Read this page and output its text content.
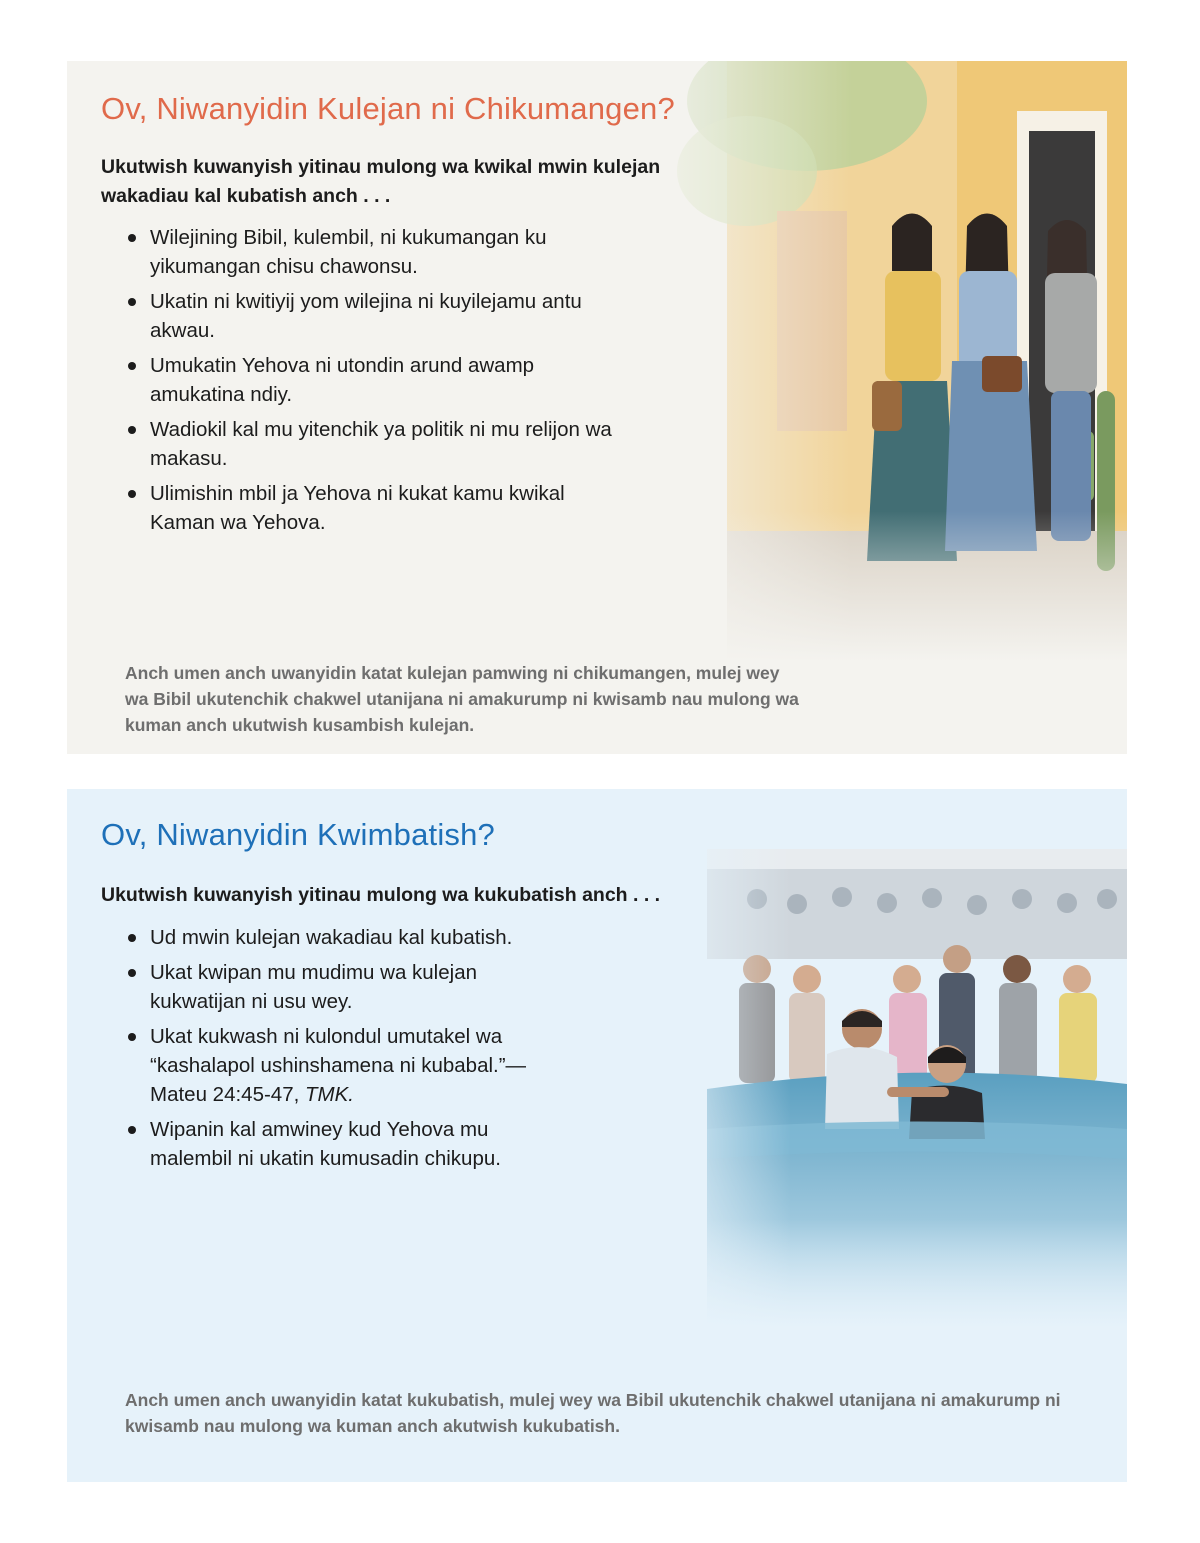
Ov, Niwanyidin Kulejan ni Chikumangen?

Ukutwish kuwanyish yitinau mulong wa kwikal mwin kulejan wakadiau kal kubatish anch . . .

Wilejining Bibil, kulembil, ni kukumangan ku yikumangan chisu chawonsu.
Ukatin ni kwitiyij yom wilejina ni kuyilejamu antu akwau.
Umukatin Yehova ni utondin arund awamp amukatina ndiy.
Wadiokil kal mu yitenchik ya politik ni mu relijon wa makasu.
Ulimishin mbil ja Yehova ni kukat kamu kwikal Kaman wa Yehova.

Anch umen anch uwanyidin katat kulejan pamwing ni chikumangen, mulej wey wa Bibil ukutenchik chakwel utanijana ni amakurump ni kwisamb nau mulong wa kuman anch ukutwish kusambish kulejan.

Ov, Niwanyidin Kwimbatish?

Ukutwish kuwanyish yitinau mulong wa kukubatish anch . . .

Ud mwin kulejan wakadiau kal kubatish.
Ukat kwipan mu mudimu wa kulejan kukwatijan ni usu wey.
Ukat kukwash ni kulondul umutakel wa “kashalapol ushinshamena ni kubabal.”—Mateu 24:45-47, TMK.
Wipanin kal amwiney kud Yehova mu malembil ni ukatin kumusadin chikupu.

Anch umen anch uwanyidin katat kukubatish, mulej wey wa Bibil ukutenchik chakwel utanijana ni amakurump ni kwisamb nau mulong wa kuman anch akutwish kukubatish.
